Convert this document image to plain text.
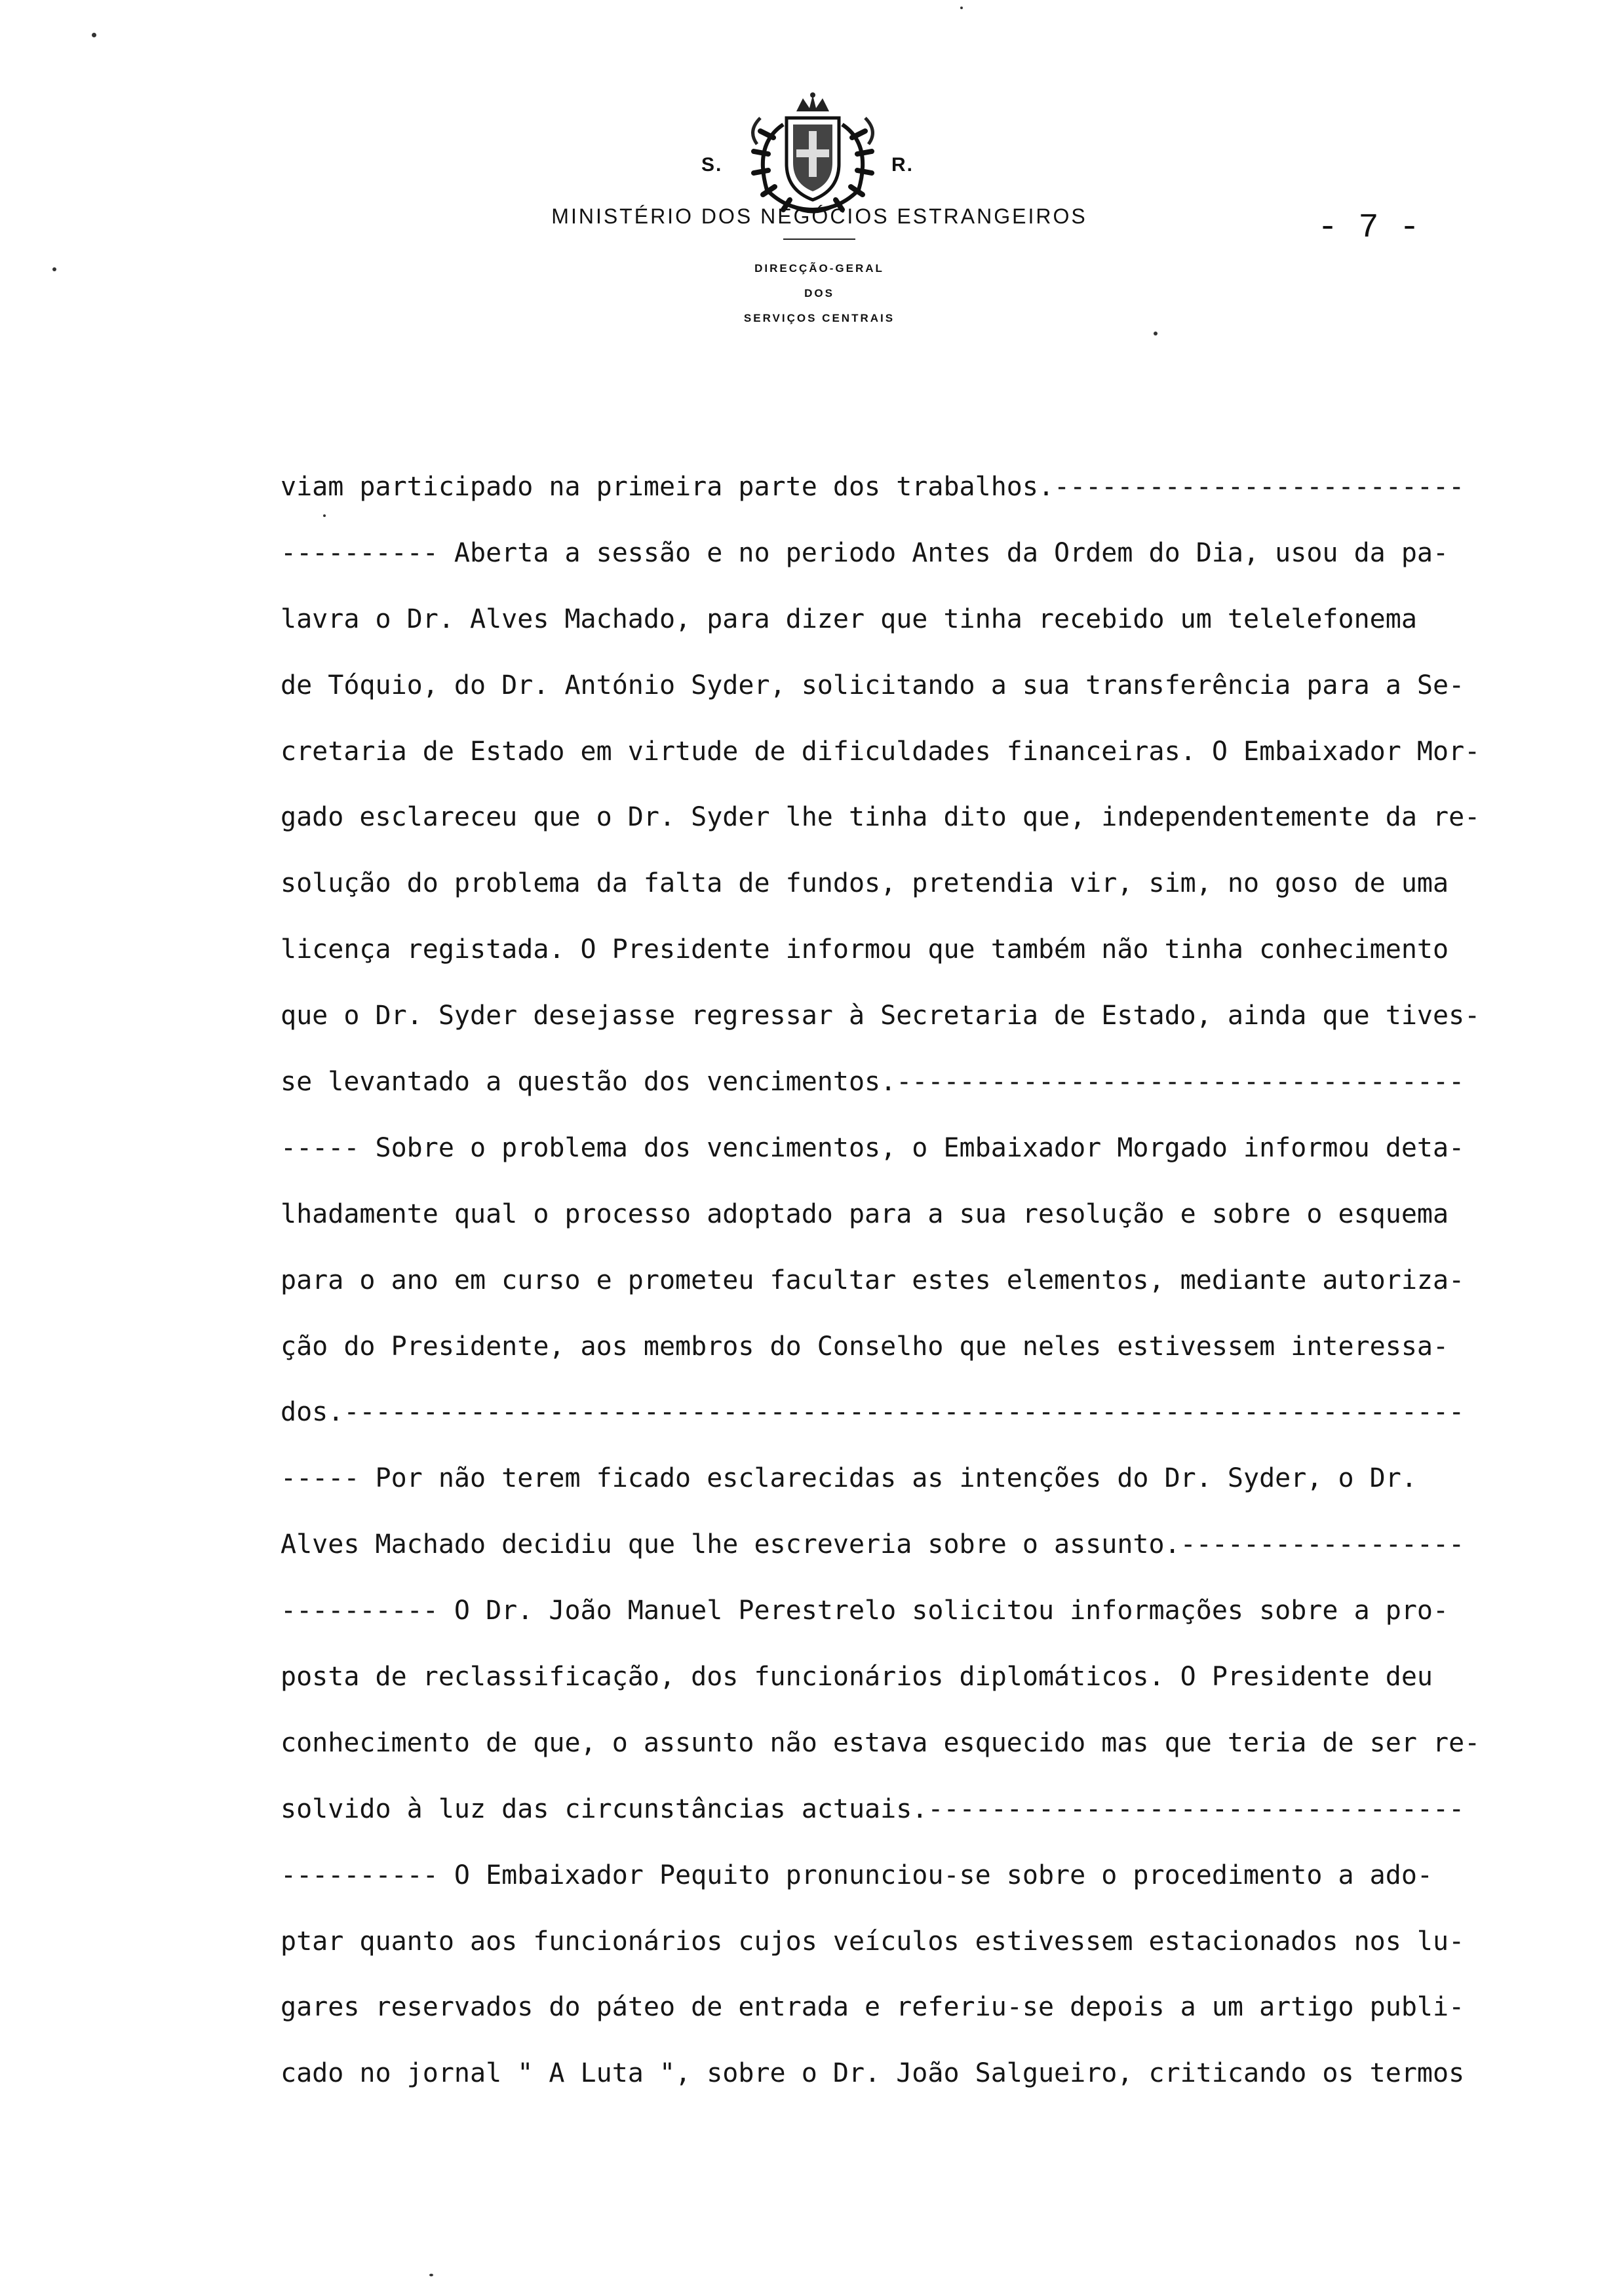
S.	R.
MINISTÉRIO DOS NEGÓCIOS ESTRANGEIROS
DIRECÇÃO-GERAL
DOS
SERVIÇOS CENTRAIS
- 7 -
viam participado na primeira parte dos trabalhos.--------------------------
---------- Aberta a sessão e no periodo Antes da Ordem do Dia, usou da pa-
lavra o Dr. Alves Machado, para dizer que tinha recebido um telelefonema
de Tóquio, do Dr. António Syder, solicitando a sua transferência para a Se-
cretaria de Estado em virtude de dificuldades financeiras. O Embaixador Mor-
gado esclareceu que o Dr. Syder lhe tinha dito que, independentemente da re-
solução do problema da falta de fundos, pretendia vir, sim, no goso de uma
licença registada. O Presidente informou que também não tinha conhecimento
que o Dr. Syder desejasse regressar à Secretaria de Estado, ainda que tives-
se levantado a questão dos vencimentos.------------------------------------
----- Sobre o problema dos vencimentos, o Embaixador Morgado informou deta-
lhadamente qual o processo adoptado para a sua resolução e sobre o esquema
para o ano em curso e prometeu facultar estes elementos, mediante autoriza-
ção do Presidente, aos membros do Conselho que neles estivessem interessa-
dos.-----------------------------------------------------------------------
----- Por não terem ficado esclarecidas as intenções do Dr. Syder, o Dr.
Alves Machado decidiu que lhe escreveria sobre o assunto.------------------
---------- O Dr. João Manuel Perestrelo solicitou informações sobre a pro-
posta de reclassificação, dos funcionários diplomáticos. O Presidente deu
conhecimento de que, o assunto não estava esquecido mas que teria de ser re-
solvido à luz das circunstâncias actuais.----------------------------------
---------- O Embaixador Pequito pronunciou-se sobre o procedimento a ado-
ptar quanto aos funcionários cujos veículos estivessem estacionados nos lu-
gares reservados do páteo de entrada e referiu-se depois a um artigo publi-
cado no jornal " A Luta ", sobre o Dr. João Salgueiro, criticando os termos
